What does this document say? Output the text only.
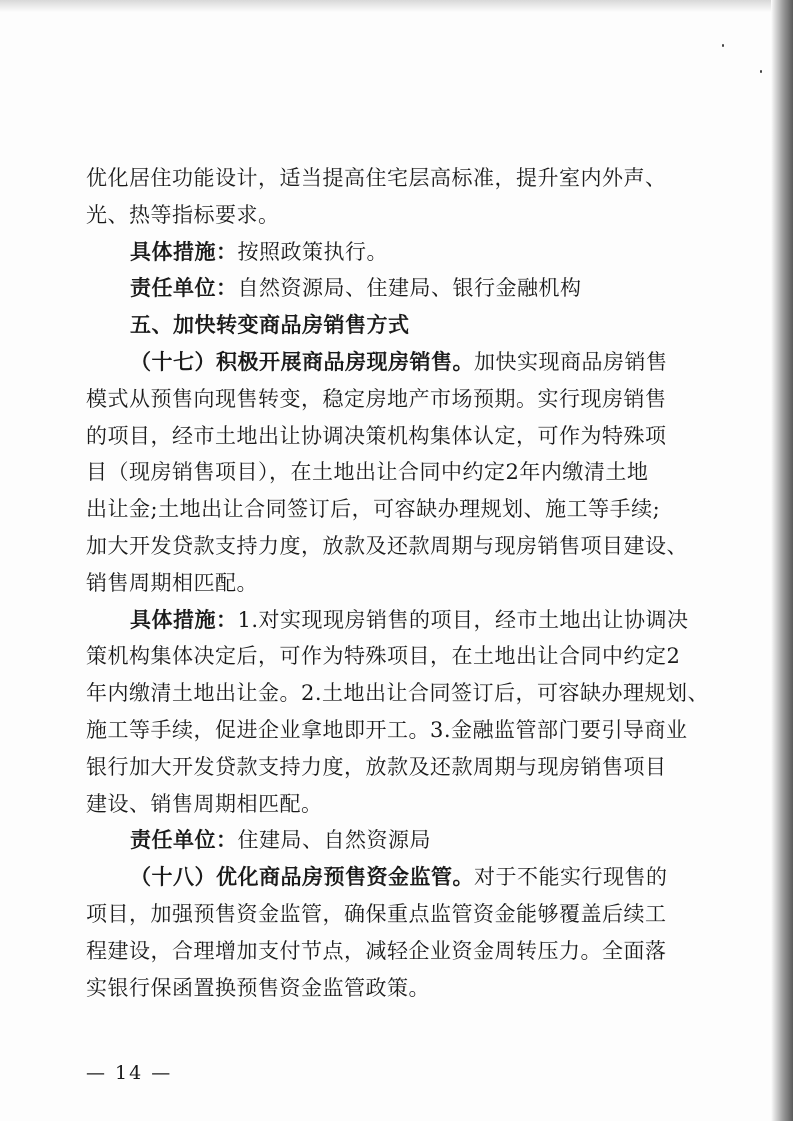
优化居住功能设计，适当提高住宅层高标准，提升室内外声、
光、热等指标要求。
具体措施：按照政策执行。
责任单位：自然资源局、住建局、银行金融机构
五、加快转变商品房销售方式
（十七）积极开展商品房现房销售。加快实现商品房销售
模式从预售向现售转变，稳定房地产市场预期。实行现房销售
的项目，经市土地出让协调决策机构集体认定，可作为特殊项
目（现房销售项目），在土地出让合同中约定2年内缴清土地
出让金;土地出让合同签订后，可容缺办理规划、施工等手续;
加大开发贷款支持力度，放款及还款周期与现房销售项目建设、
销售周期相匹配。
具体措施：1.对实现现房销售的项目，经市土地出让协调决
策机构集体决定后，可作为特殊项目，在土地出让合同中约定2
年内缴清土地出让金。2.土地出让合同签订后，可容缺办理规划、
施工等手续，促进企业拿地即开工。3.金融监管部门要引导商业
银行加大开发贷款支持力度，放款及还款周期与现房销售项目
建设、销售周期相匹配。
责任单位：住建局、自然资源局
（十八）优化商品房预售资金监管。对于不能实行现售的
项目，加强预售资金监管，确保重点监管资金能够覆盖后续工
程建设，合理增加支付节点，减轻企业资金周转压力。全面落
实银行保函置换预售资金监管政策。
— 14 —
